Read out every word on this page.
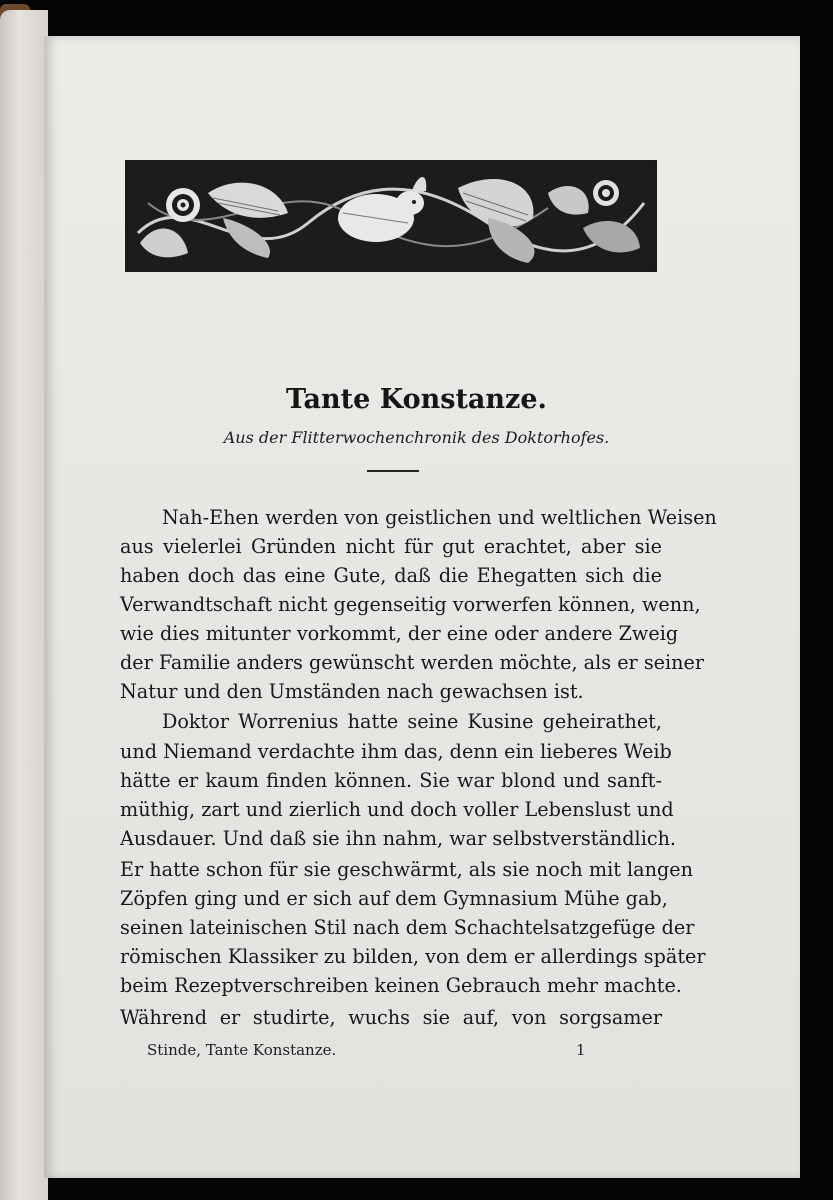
Tante Konstanze.
Aus der Flitterwochenchronik des Doktorhofes.
Nah-Ehen werden von geistlichen und weltlichen Weisen
aus vielerlei Gründen nicht für gut erachtet, aber sie
haben doch das eine Gute, daß die Ehegatten sich die
Verwandtschaft nicht gegenseitig vorwerfen können, wenn,
wie dies mitunter vorkommt, der eine oder andere Zweig
der Familie anders gewünscht werden möchte, als er seiner
Natur und den Umständen nach gewachsen ist.
Doktor Worrenius hatte seine Kusine geheirathet,
und Niemand verdachte ihm das, denn ein lieberes Weib
hätte er kaum finden können. Sie war blond und sanft-
müthig, zart und zierlich und doch voller Lebenslust und
Ausdauer. Und daß sie ihn nahm, war selbstverständlich.
Er hatte schon für sie geschwärmt, als sie noch mit langen
Zöpfen ging und er sich auf dem Gymnasium Mühe gab,
seinen lateinischen Stil nach dem Schachtelsatzgefüge der
römischen Klassiker zu bilden, von dem er allerdings später
beim Rezeptverschreiben keinen Gebrauch mehr machte.
Während er studirte, wuchs sie auf, von sorgsamer
Stinde, Tante Konstanze.	1
